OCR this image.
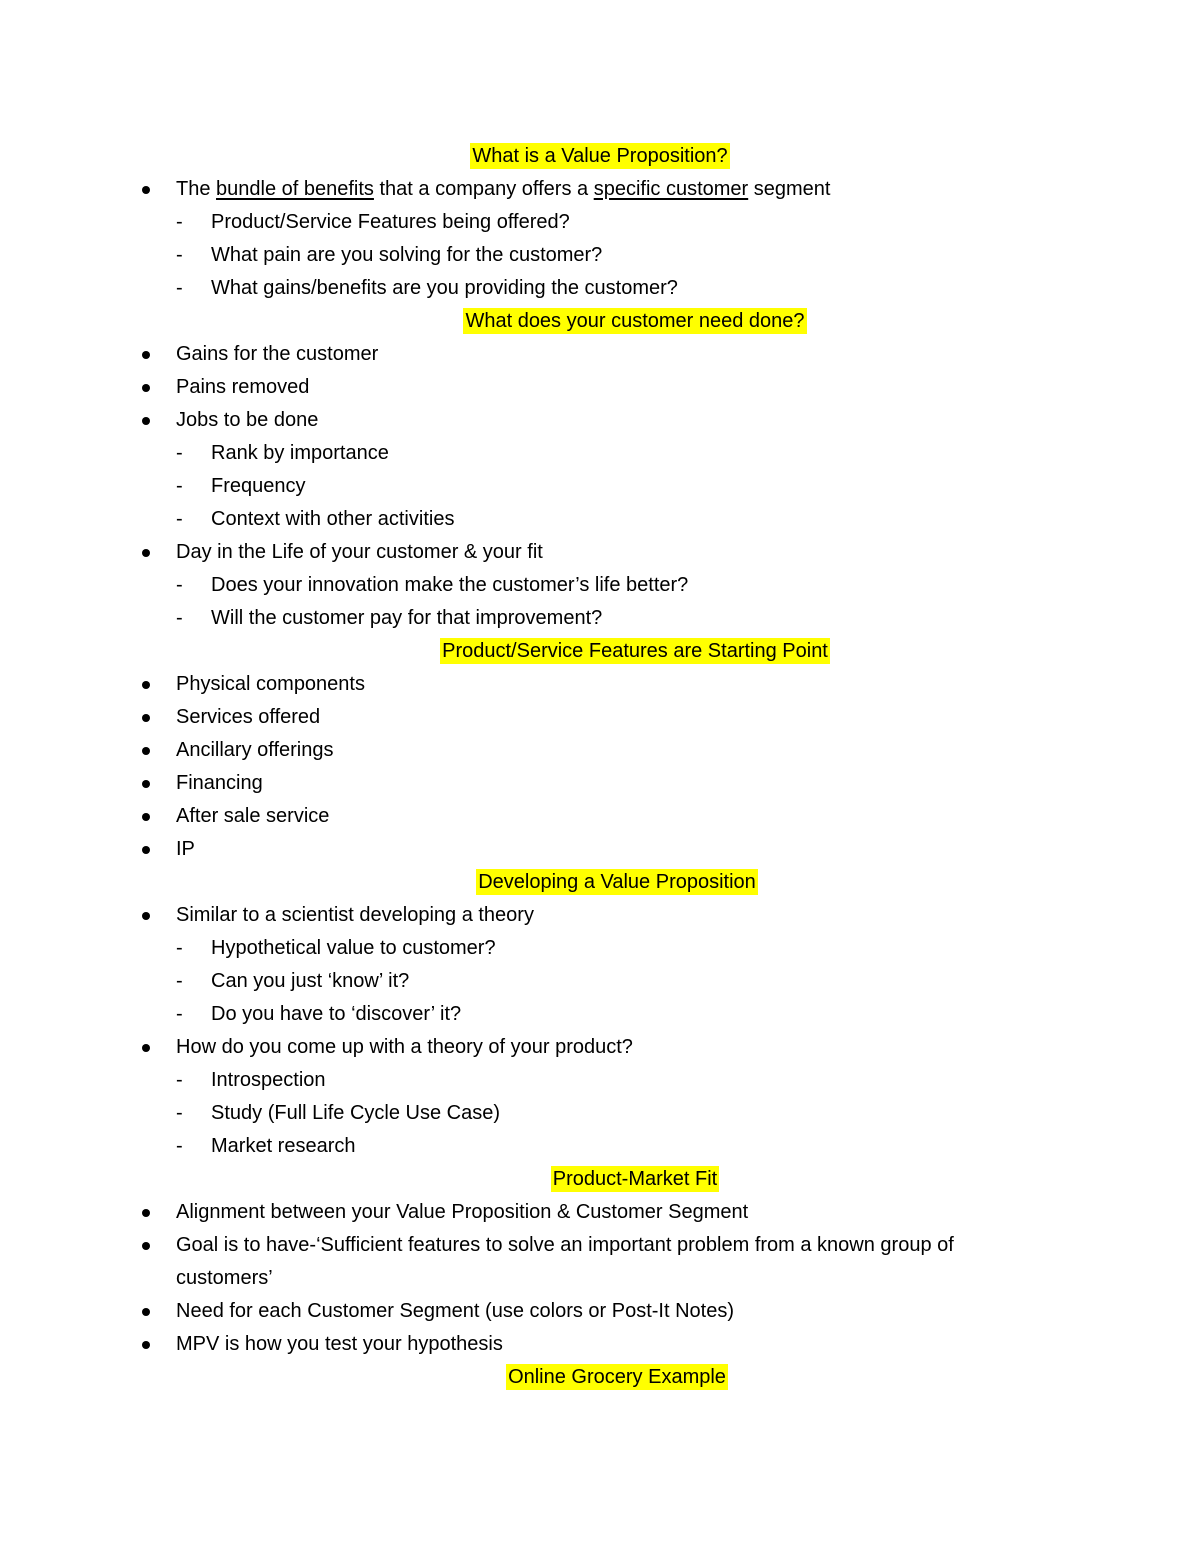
What is a Value Proposition?
The bundle of benefits that a company offers a specific customer segment
- Product/Service Features being offered?
- What pain are you solving for the customer?
- What gains/benefits are you providing the customer?
What does your customer need done?
Gains for the customer
Pains removed
Jobs to be done
- Rank by importance
- Frequency
- Context with other activities
Day in the Life of your customer & your fit
- Does your innovation make the customer’s life better?
- Will the customer pay for that improvement?
Product/Service Features are Starting Point
Physical components
Services offered
Ancillary offerings
Financing
After sale service
IP
Developing a Value Proposition
Similar to a scientist developing a theory
- Hypothetical value to customer?
- Can you just ‘know’ it?
- Do you have to ‘discover’ it?
How do you come up with a theory of your product?
- Introspection
- Study (Full Life Cycle Use Case)
- Market research
Product-Market Fit
Alignment between your Value Proposition & Customer Segment
Goal is to have-‘Sufficient features to solve an important problem from a known group of
customers’
Need for each Customer Segment (use colors or Post-It Notes)
MPV is how you test your hypothesis
Online Grocery Example
